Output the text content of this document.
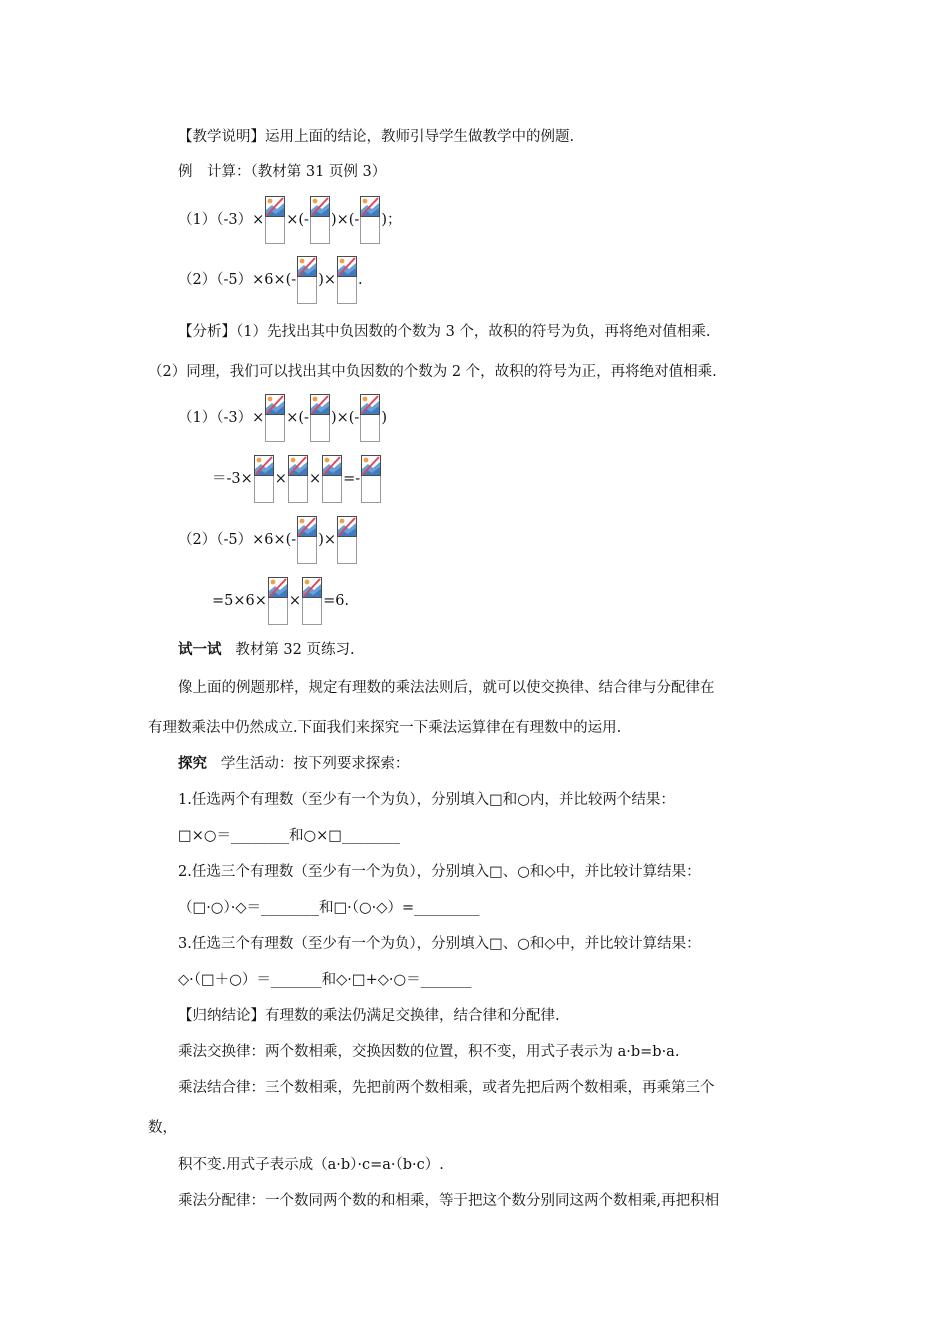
【教学说明】运用上面的结论，教师引导学生做教学中的例题.
例　计算：（教材第 31 页例 3）
（1）（-3）× ×(- )×(- )；
（2）（-5）×6×(- )× .
【分析】（1）先找出其中负因数的个数为 3 个，故积的符号为负，再将绝对值相乘.
（2）同理，我们可以找出其中负因数的个数为 2 个，故积的符号为正，再将绝对值相乘.
（1）（-3）× ×(- )×(- )
＝-3× × × =-
（2）（-5）×6×(- )×
=5×6× × =6.
试一试 教材第 32 页练习.
像上面的例题那样，规定有理数的乘法法则后，就可以使交换律、结合律与分配律在
有理数乘法中仍然成立.下面我们来探究一下乘法运算律在有理数中的运用.
探究 学生活动：按下列要求探索：
1.任选两个有理数（至少有一个为负），分别填入□和○内，并比较两个结果：
□×○＝________和○×□________
2.任选三个有理数（至少有一个为负），分别填入□、○和◇中，并比较计算结果：
（□·○）·◇＝________和□·（○·◇）=_________
3.任选三个有理数（至少有一个为负），分别填入□、○和◇中，并比较计算结果：
◇·（□＋○）＝_______和◇·□+◇·○＝_______
【归纳结论】有理数的乘法仍满足交换律，结合律和分配律.
乘法交换律：两个数相乘，交换因数的位置，积不变，用式子表示为 a·b=b·a.
乘法结合律：三个数相乘，先把前两个数相乘，或者先把后两个数相乘，再乘第三个
数，
积不变.用式子表示成（a·b）·c=a·（b·c）.
乘法分配律：一个数同两个数的和相乘，等于把这个数分别同这两个数相乘,再把积相
